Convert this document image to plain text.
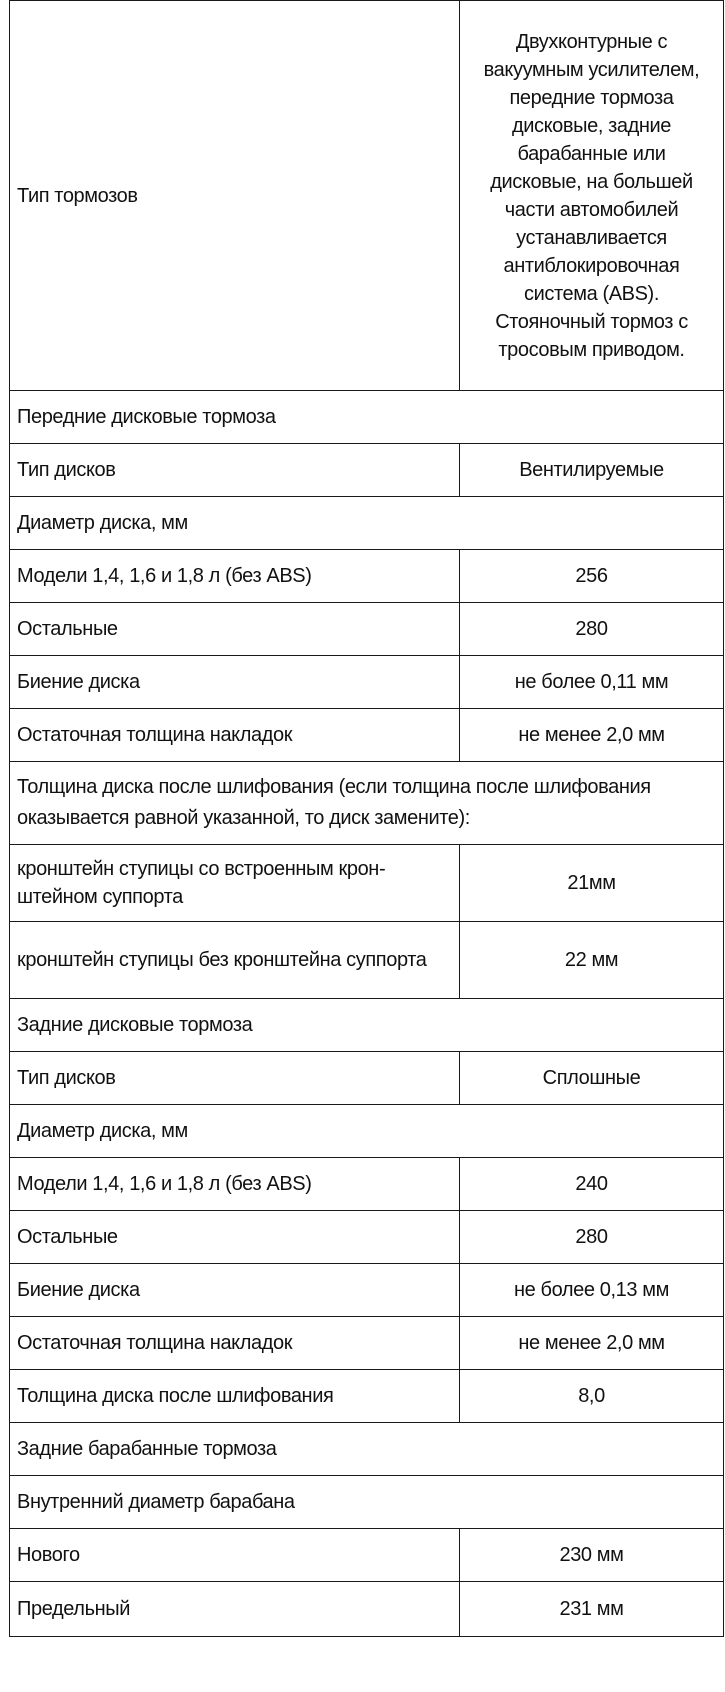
Тип тормозов	Двухконтурные с вакуумным усилителем, передние тормоза дисковые, задние барабанные или дисковые, на большей части автомобилей устанавливается антиблокировочная система (ABS). Стояночный тормоз с тросовым приводом.
Передние дисковые тормоза	
Тип дисков	Вентилируемые
Диаметр диска, мм	
Модели 1,4, 1,6 и 1,8 л (без ABS)	256
Остальные	280
Биение диска	не более 0,11 мм
Остаточная толщина накладок	не менее 2,0 мм
Толщина диска после шлифования (если толщина после шлифования оказывается равной указанной, то диск замените):	
кронштейн ступицы со встроенным кронштейном суппорта	21мм
кронштейн ступицы без кронштейна суппорта	22 мм
Задние дисковые тормоза	
Тип дисков	Сплошные
Диаметр диска, мм	
Модели 1,4, 1,6 и 1,8 л (без ABS)	240
Остальные	280
Биение диска	не более 0,13 мм
Остаточная толщина накладок	не менее 2,0 мм
Толщина диска после шлифования	8,0
Задние барабанные тормоза	
Внутренний диаметр барабана	
Нового	230 мм
Предельный	231 мм
